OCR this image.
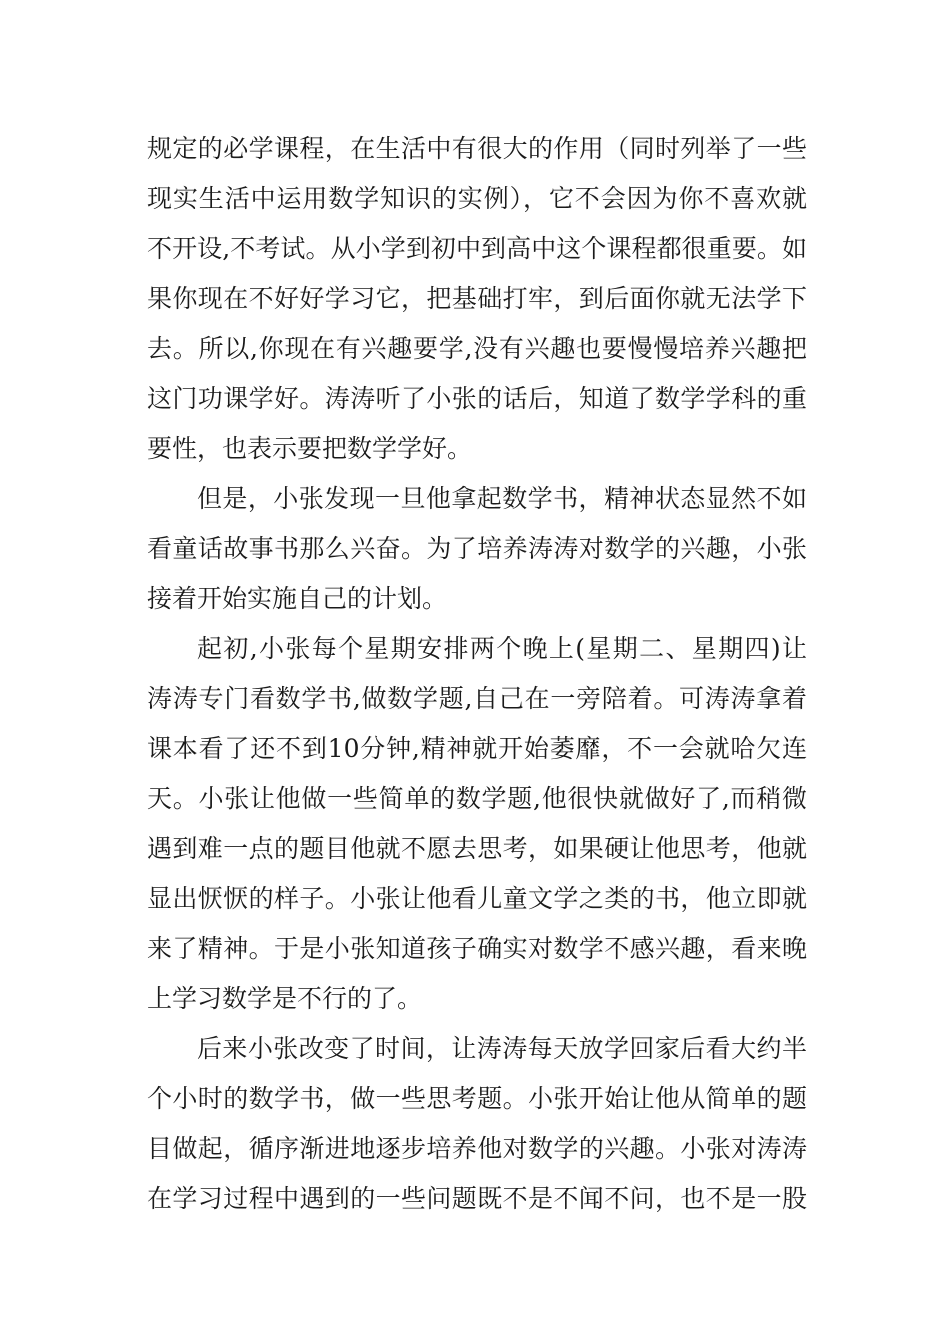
规定的必学课程，在生活中有很大的作用（同时列举了一些
现实生活中运用数学知识的实例），它不会因为你不喜欢就
不开设,不考试。从小学到初中到高中这个课程都很重要。如
果你现在不好好学习它，把基础打牢，到后面你就无法学下
去。所以,你现在有兴趣要学,没有兴趣也要慢慢培养兴趣把
这门功课学好。涛涛听了小张的话后，知道了数学学科的重
要性，也表示要把数学学好。
但是，小张发现一旦他拿起数学书，精神状态显然不如
看童话故事书那么兴奋。为了培养涛涛对数学的兴趣，小张
接着开始实施自己的计划。
起初,小张每个星期安排两个晚上(星期二、星期四)让
涛涛专门看数学书,做数学题,自己在一旁陪着。可涛涛拿着
课本看了还不到10分钟,精神就开始萎靡，不一会就哈欠连
天。小张让他做一些简单的数学题,他很快就做好了,而稍微
遇到难一点的题目他就不愿去思考，如果硬让他思考，他就
显出恹恹的样子。小张让他看儿童文学之类的书，他立即就
来了精神。于是小张知道孩子确实对数学不感兴趣，看来晚
上学习数学是不行的了。
后来小张改变了时间，让涛涛每天放学回家后看大约半
个小时的数学书，做一些思考题。小张开始让他从简单的题
目做起，循序渐进地逐步培养他对数学的兴趣。小张对涛涛
在学习过程中遇到的一些问题既不是不闻不问，也不是一股
